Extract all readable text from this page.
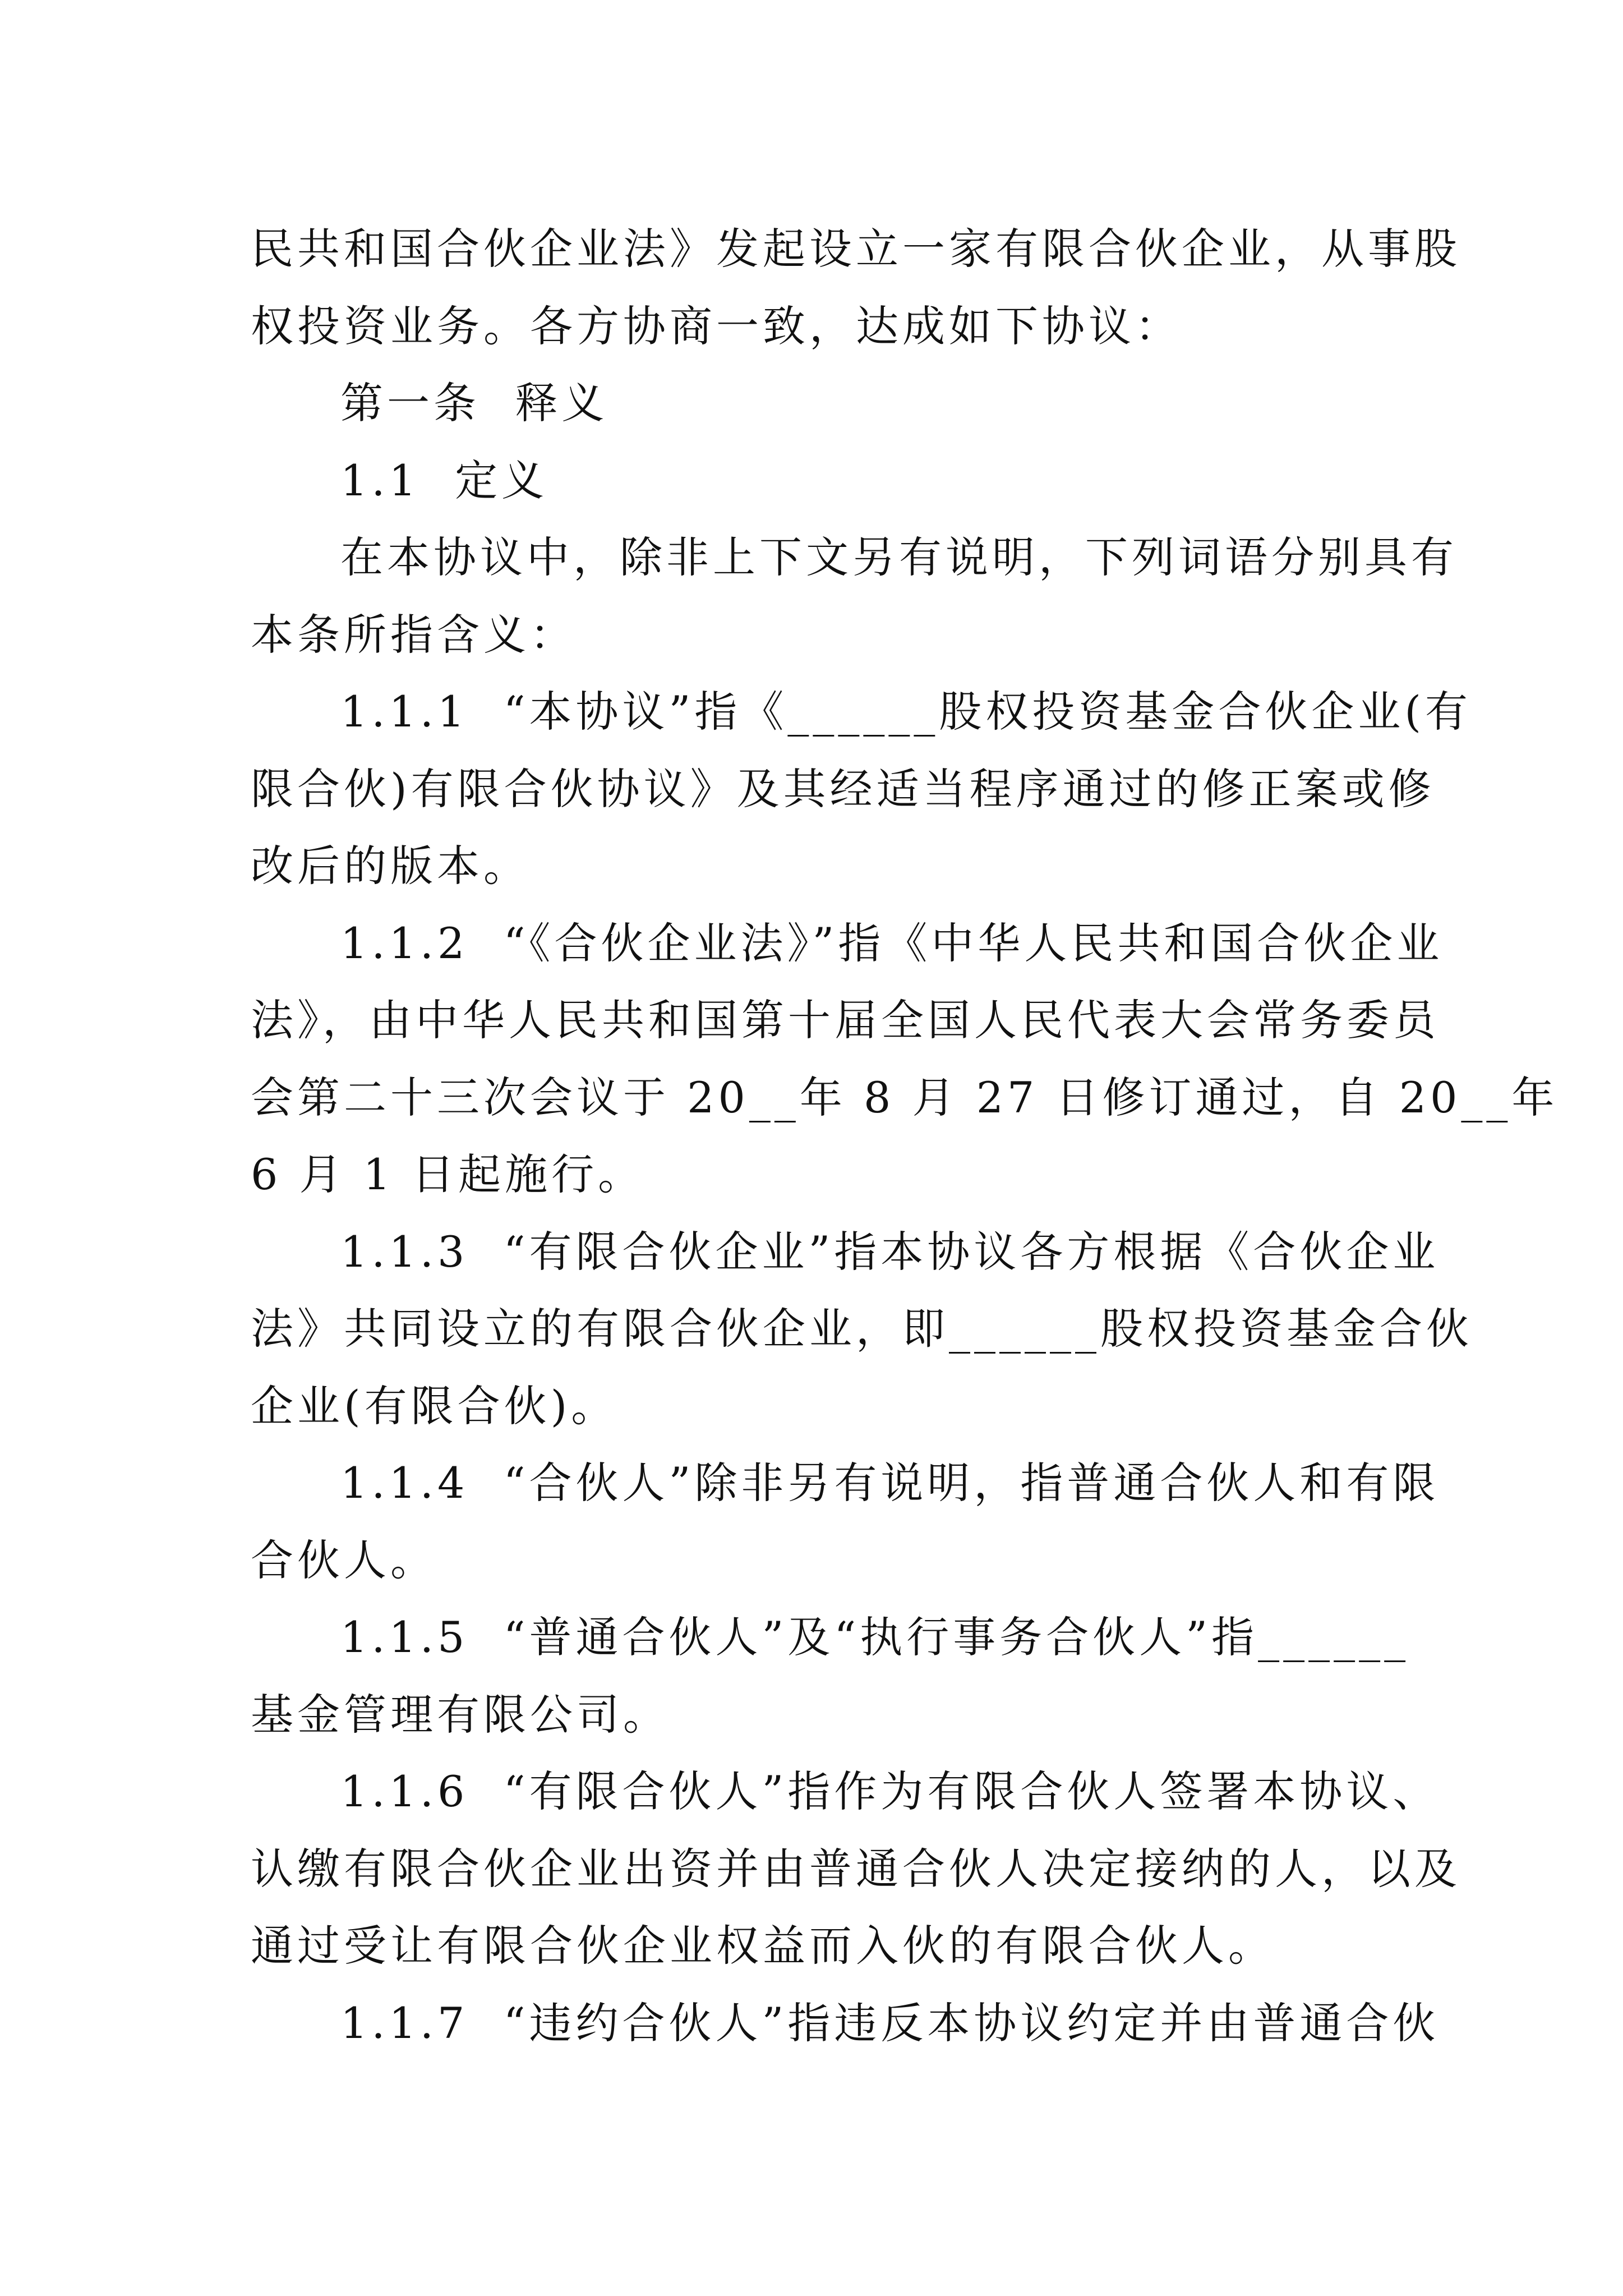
民共和国合伙企业法》发起设立一家有限合伙企业，从事股
权投资业务。各方协商一致，达成如下协议：
第一条  释义
1.1  定义
在本协议中，除非上下文另有说明，下列词语分别具有
本条所指含义：
1.1.1  “本协议”指《______股权投资基金合伙企业(有
限合伙)有限合伙协议》及其经适当程序通过的修正案或修
改后的版本。
1.1.2  “《合伙企业法》”指《中华人民共和国合伙企业
法》，由中华人民共和国第十届全国人民代表大会常务委员
会第二十三次会议于 20__年 8 月 27 日修订通过，自 20__年
6 月 1 日起施行。
1.1.3  “有限合伙企业”指本协议各方根据《合伙企业
法》共同设立的有限合伙企业，即______股权投资基金合伙
企业(有限合伙)。
1.1.4  “合伙人”除非另有说明，指普通合伙人和有限
合伙人。
1.1.5  “普通合伙人”及“执行事务合伙人”指______
基金管理有限公司。
1.1.6  “有限合伙人”指作为有限合伙人签署本协议、
认缴有限合伙企业出资并由普通合伙人决定接纳的人，以及
通过受让有限合伙企业权益而入伙的有限合伙人。
1.1.7  “违约合伙人”指违反本协议约定并由普通合伙
